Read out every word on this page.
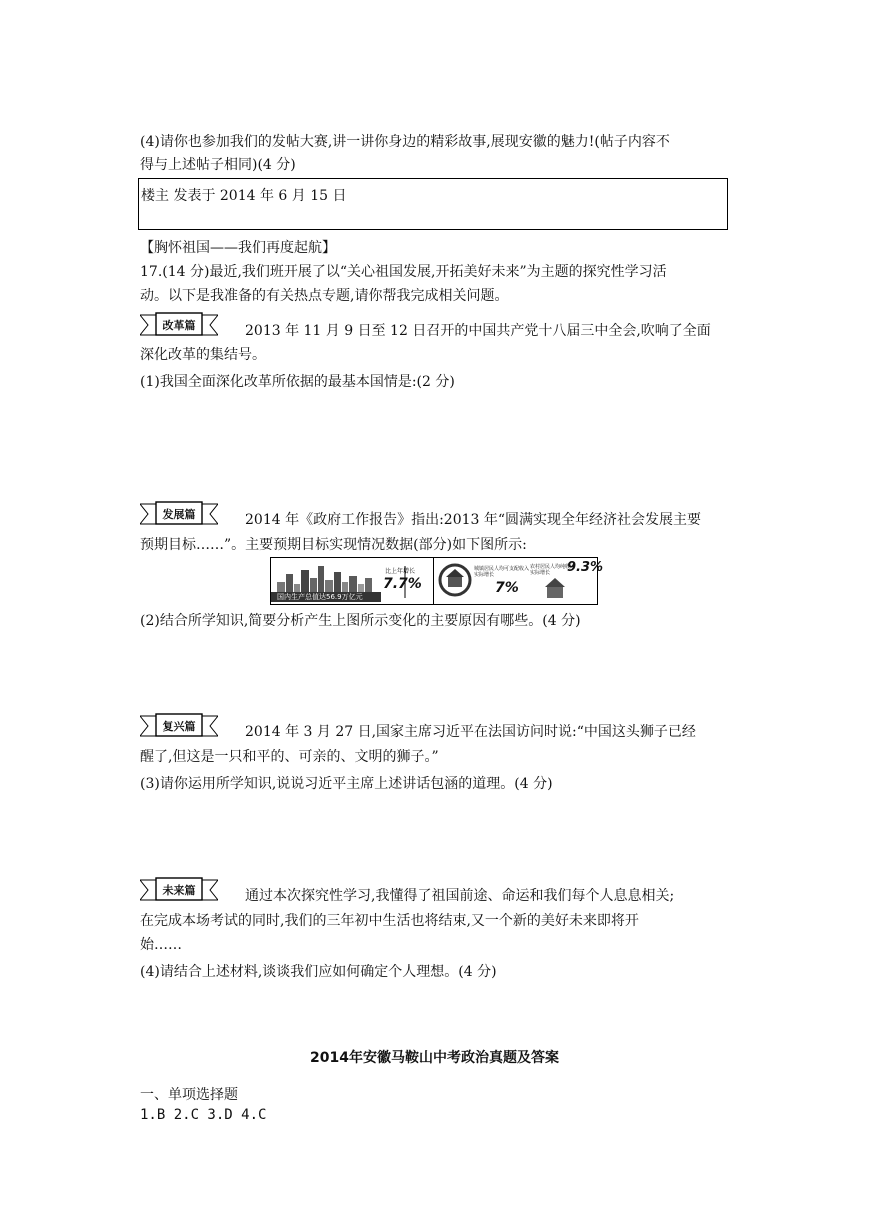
(4)请你也参加我们的发帖大赛,讲一讲你身边的精彩故事,展现安徽的魅力!(帖子内容不
得与上述帖子相同)(4 分)
楼主 发表于 2014 年 6 月 15 日
【胸怀祖国——我们再度起航】
17.(14 分)最近,我们班开展了以“关心祖国发展,开拓美好未来”为主题的探究性学习活
动。以下是我准备的有关热点专题,请你帮我完成相关问题。
改革篇	2013 年 11 月 9 日至 12 日召开的中国共产党十八届三中全会,吹响了全面
深化改革的集结号。
(1)我国全面深化改革所依据的最基本国情是:(2 分)
发展篇	2014 年《政府工作报告》指出:2013 年“圆满实现全年经济社会发展主要
预期目标……”。主要预期目标实现情况数据(部分)如下图所示:
国内生产总值达56.9万亿元
比上年增长
7.7%
城镇居民人均可支配收入实际增长
7%
农村居民人均纯收入实际增长	9.3%
(2)结合所学知识,简要分析产生上图所示变化的主要原因有哪些。(4 分)
复兴篇	2014 年 3 月 27 日,国家主席习近平在法国访问时说:“中国这头狮子已经
醒了,但这是一只和平的、可亲的、文明的狮子。”
(3)请你运用所学知识,说说习近平主席上述讲话包涵的道理。(4 分)
未来篇	通过本次探究性学习,我懂得了祖国前途、命运和我们每个人息息相关;
在完成本场考试的同时,我们的三年初中生活也将结束,又一个新的美好未来即将开
始……
(4)请结合上述材料,谈谈我们应如何确定个人理想。(4 分)
2014年安徽马鞍山中考政治真题及答案
一、单项选择题
1.B 2.C 3.D 4.C
